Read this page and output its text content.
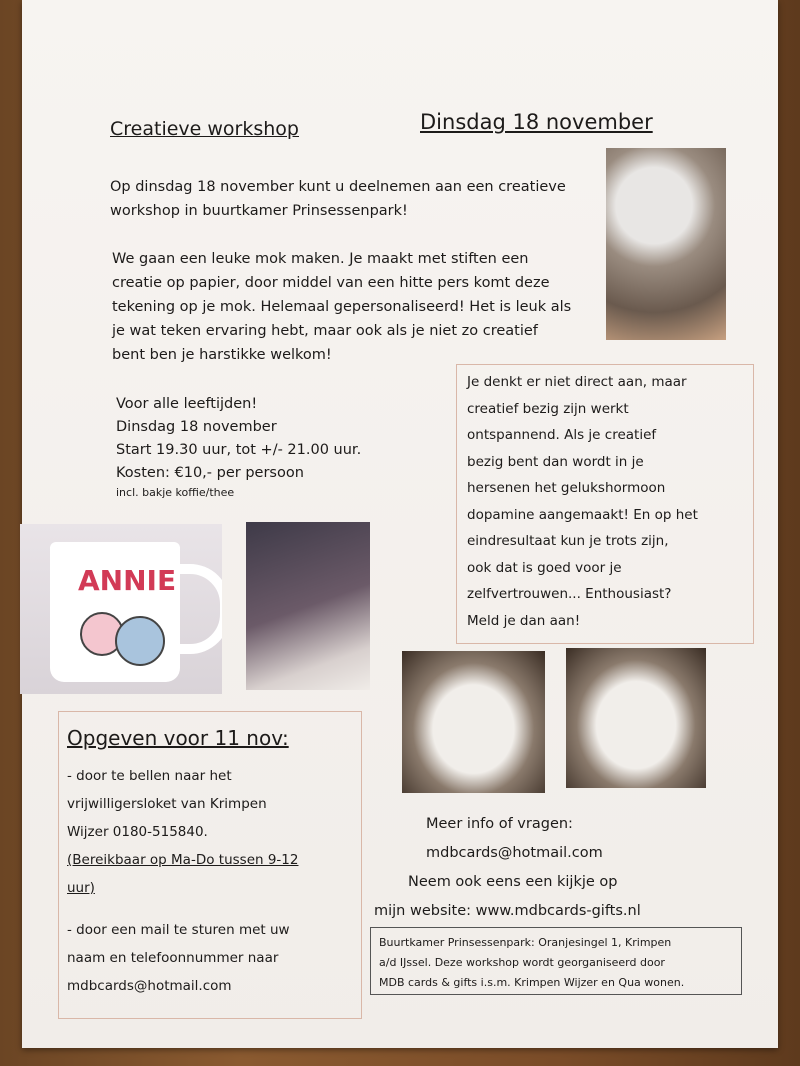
Creatieve workshop	Dinsdag 18 november
Op dinsdag 18 november kunt u deelnemen aan een creatieve
workshop in buurtkamer Prinsessenpark!
We gaan een leuke mok maken. Je maakt met stiften een
creatie op papier, door middel van een hitte pers komt deze
tekening op je mok. Helemaal gepersonaliseerd! Het is leuk als
je wat teken ervaring hebt, maar ook als je niet zo creatief
bent ben je harstikke welkom!
Voor alle leeftijden!
Dinsdag 18 november
Start 19.30 uur, tot +/- 21.00 uur.
Kosten: €10,- per persoon
incl. bakje koffie/thee
Je denkt er niet direct aan, maar
creatief bezig zijn werkt
ontspannend. Als je creatief
bezig bent dan wordt in je
hersenen het gelukshormoon
dopamine aangemaakt! En op het
eindresultaat kun je trots zijn,
ook dat is goed voor je
zelfvertrouwen... Enthousiast?
Meld je dan aan!
ANNIE
Opgeven voor 11 nov:
- door te bellen naar het
vrijwilligersloket van Krimpen
Wijzer 0180-515840.
(Bereikbaar op Ma-Do tussen 9-12
uur)
- door een mail te sturen met uw
naam en telefoonnummer naar
mdbcards@hotmail.com
Meer info of vragen:
mdbcards@hotmail.com
Neem ook eens een kijkje op
mijn website: www.mdbcards-gifts.nl
Buurtkamer Prinsessenpark: Oranjesingel 1, Krimpen
a/d IJssel. Deze workshop wordt georganiseerd door
MDB cards & gifts i.s.m. Krimpen Wijzer en Qua wonen.
